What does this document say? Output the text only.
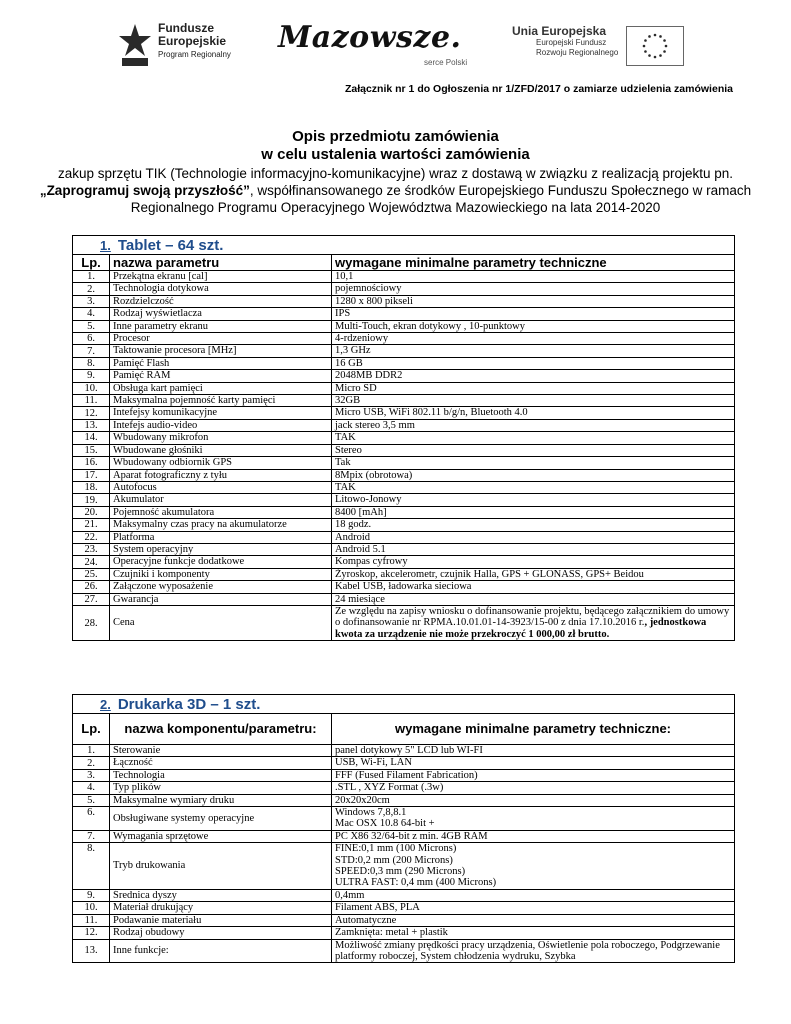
Fundusze
Europejskie
Program Regionalny Mazowsze.
serce Polski
Unia Europejska
Europejski Fundusz
Rozwoju Regionalnego
Załącznik nr 1 do Ogłoszenia nr 1/ZFD/2017 o zamiarze udzielenia zamówienia
Opis przedmiotu zamówienia
w celu ustalenia wartości zamówienia
zakup sprzętu TIK (Technologie informacyjno-komunikacyjne) wraz z dostawą w związku z realizacją projektu pn. „Zaprogramuj swoją przyszłość”, współfinansowanego ze środków Europejskiego Funduszu Społecznego w ramach Regionalnego Programu Operacyjnego Województwa Mazowieckiego na lata 2014-2020
1. Tablet – 64 szt.		
Lp.	nazwa parametru	wymagane minimalne parametry techniczne
1.	Przekątna ekranu [cal]	10,1
2.	Technologia dotykowa	pojemnościowy
3.	Rozdzielczość	1280 x 800 pikseli
4.	Rodzaj wyświetlacza	IPS
5.	Inne parametry ekranu	Multi-Touch, ekran dotykowy , 10-punktowy
6.	Procesor	4-rdzeniowy
7.	Taktowanie procesora [MHz]	1,3 GHz
8.	Pamięć Flash	16 GB
9.	Pamięć RAM	2048MB DDR2
10.	Obsługa kart pamięci	Micro SD
11.	Maksymalna pojemność karty pamięci	32GB
12.	Intefejsy komunikacyjne	Micro USB, WiFi 802.11 b/g/n, Bluetooth 4.0
13.	Intefejs audio-video	jack stereo 3,5 mm
14.	Wbudowany mikrofon	TAK
15.	Wbudowane głośniki	Stereo
16.	Wbudowany odbiornik GPS	Tak
17.	Aparat fotograficzny z tyłu	8Mpix (obrotowa)
18.	Autofocus	TAK
19.	Akumulator	Litowo-Jonowy
20.	Pojemność akumulatora	8400 [mAh]
21.	Maksymalny czas pracy na akumulatorze	18 godz.
22.	Platforma	Android
23.	System operacyjny	Android 5.1
24.	Operacyjne funkcje dodatkowe	Kompas cyfrowy
25.	Czujniki i komponenty	Żyroskop, akcelerometr, czujnik Halla, GPS + GLONASS, GPS+ Beidou
26.	Załączone wyposażenie	Kabel USB, ładowarka sieciowa
27.	Gwarancja	24 miesiące
28.	Cena	Ze względu na zapisy wniosku o dofinansowanie projektu, będącego załącznikiem do umowy o dofinansowanie nr RPMA.10.01.01-14-3923/15-00 z dnia 17.10.2016 r., jednostkowa kwota za urządzenie nie może przekroczyć 1 000,00 zł brutto.
2. Drukarka 3D – 1 szt.		
Lp.	nazwa komponentu/parametru:	wymagane minimalne parametry techniczne:
1.	Sterowanie	panel dotykowy 5" LCD lub WI-FI

2.	Łączność	USB, Wi-Fi, LAN

3.	Technologia	FFF (Fused Filament Fabrication)

4.	Typ plików	.STL , XYZ Format (.3w)

5.	Maksymalne wymiary druku	20x20x20cm

6.	Obsługiwane systemy operacyjne	Windows 7,8,8.1
Mac OSX 10.8 64-bit +

7.	Wymagania sprzętowe	PC X86 32/64-bit z min. 4GB RAM

8.	Tryb drukowania	FINE:0,1 mm (100 Microns)
STD:0,2 mm (200 Microns)
SPEED:0,3 mm (290 Microns)
ULTRA FAST: 0,4 mm (400 Microns)

9.	Średnica dyszy	0,4mm

10.	Materiał drukujący	Filament ABS, PLA

11.	Podawanie materiału	Automatyczne

12.	Rodzaj obudowy	Zamknięta: metal + plastik

13.	Inne funkcje:	Możliwość zmiany prędkości pracy urządzenia, Oświetlenie pola roboczego, Podgrzewanie platformy roboczej, System chłodzenia wydruku, Szybka
